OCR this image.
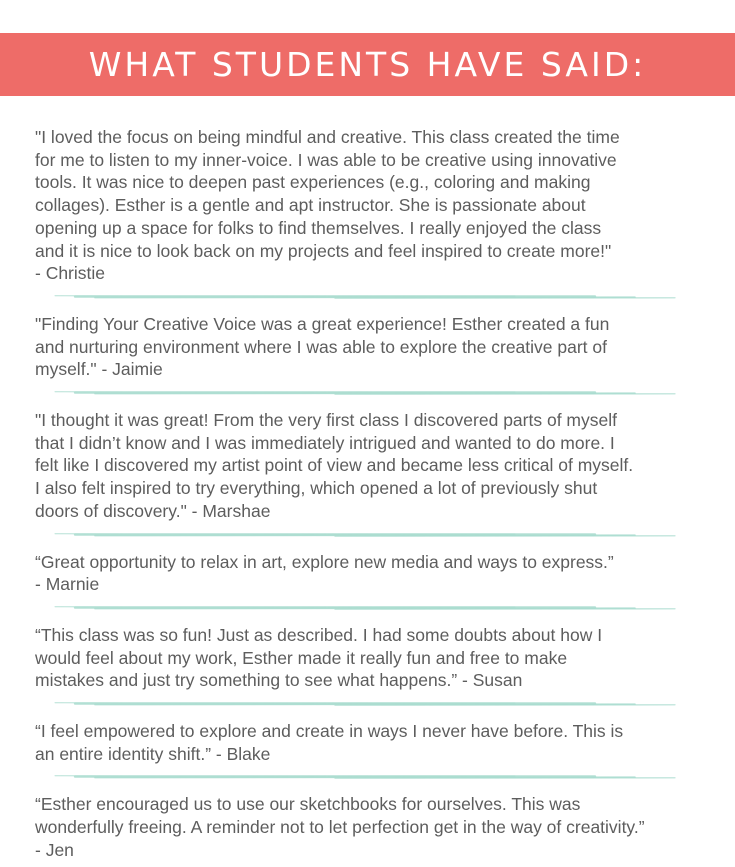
WHAT STUDENTS HAVE SAID:

"I loved the focus on being mindful and creative. This class created the time
for me to listen to my inner-voice. I was able to be creative using innovative
tools. It was nice to deepen past experiences (e.g., coloring and making
collages). Esther is a gentle and apt instructor. She is passionate about
opening up a space for folks to find themselves. I really enjoyed the class
and it is nice to look back on my projects and feel inspired to create more!"
- Christie

"Finding Your Creative Voice was a great experience! Esther created a fun
and nurturing environment where I was able to explore the creative part of
myself." - Jaimie

"I thought it was great! From the very first class I discovered parts of myself
that I didn’t know and I was immediately intrigued and wanted to do more. I
felt like I discovered my artist point of view and became less critical of myself.
I also felt inspired to try everything, which opened a lot of previously shut
doors of discovery." - Marshae

“Great opportunity to relax in art, explore new media and ways to express.”
- Marnie

“This class was so fun! Just as described. I had some doubts about how I
would feel about my work, Esther made it really fun and free to make
mistakes and just try something to see what happens.” - Susan

“I feel empowered to explore and create in ways I never have before. This is
an entire identity shift.” - Blake

“Esther encouraged us to use our sketchbooks for ourselves. This was
wonderfully freeing. A reminder not to let perfection get in the way of creativity.”
- Jen
